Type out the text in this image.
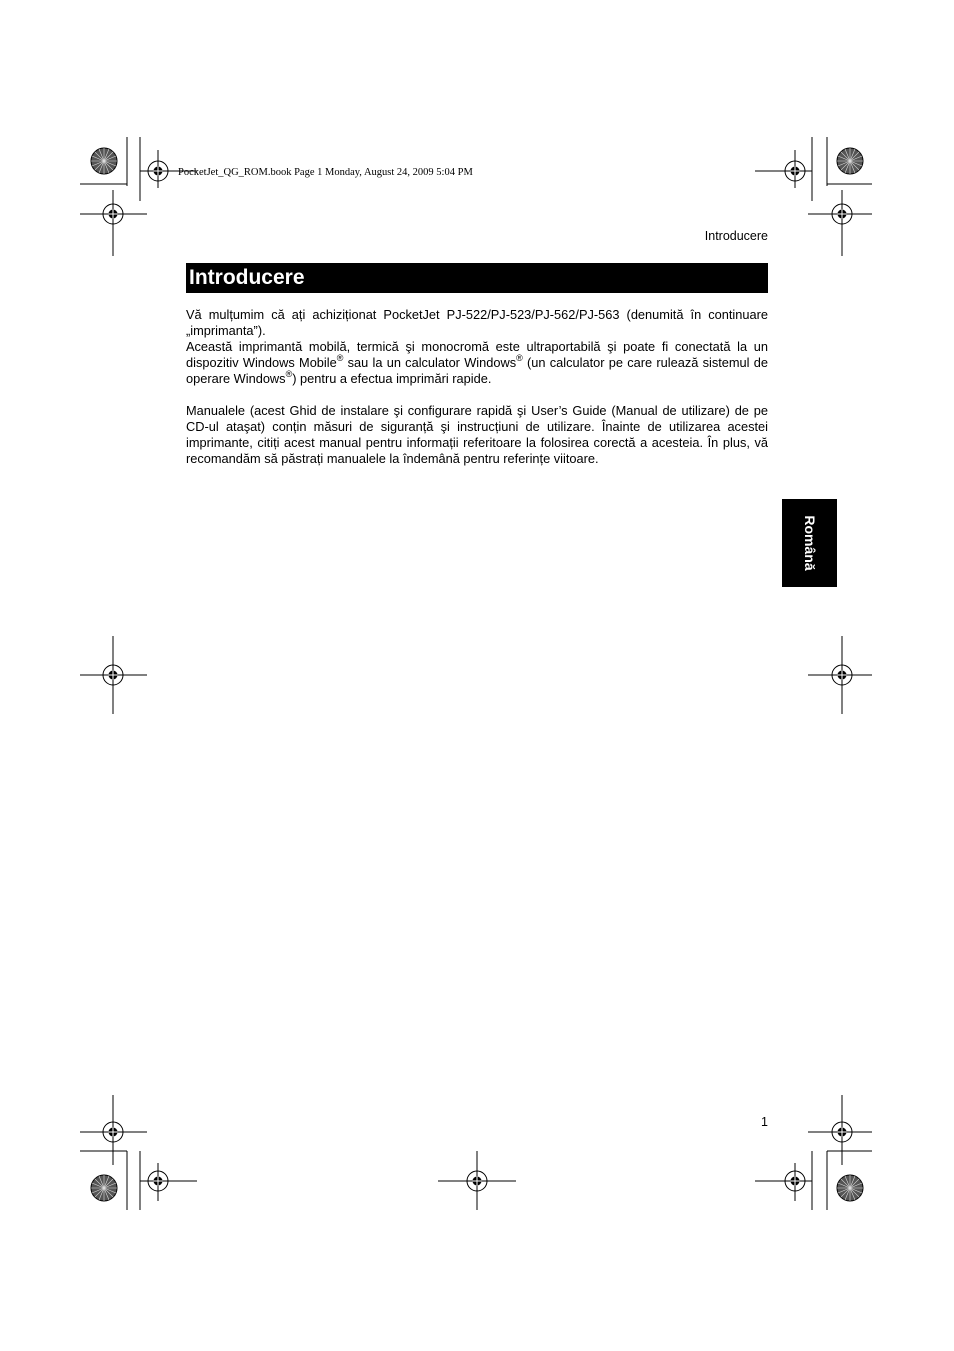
PocketJet_QG_ROM.book Page 1 Monday, August 24, 2009 5:04 PM
Introducere
Introducere

Vă mulțumim că ați achiziționat PocketJet PJ-522/PJ-523/PJ-562/PJ-563 (denumită în continuare „imprimanta”).
Această imprimantă mobilă, termică şi monocromă este ultraportabilă şi poate fi conectată la un dispozitiv Windows Mobile® sau la un calculator Windows® (un calculator pe care rulează sistemul de operare Windows®) pentru a efectua imprimări rapide.

Manualele (acest Ghid de instalare şi configurare rapidă şi User’s Guide (Manual de utilizare) de pe CD-ul ataşat) conțin măsuri de siguranță şi instrucțiuni de utilizare. Înainte de utilizarea acestei imprimante, citiți acest manual pentru informații referitoare la folosirea corectă a acesteia. În plus, vă recomandăm să păstrați manualele la îndemână pentru referințe viitoare.

Română
1
